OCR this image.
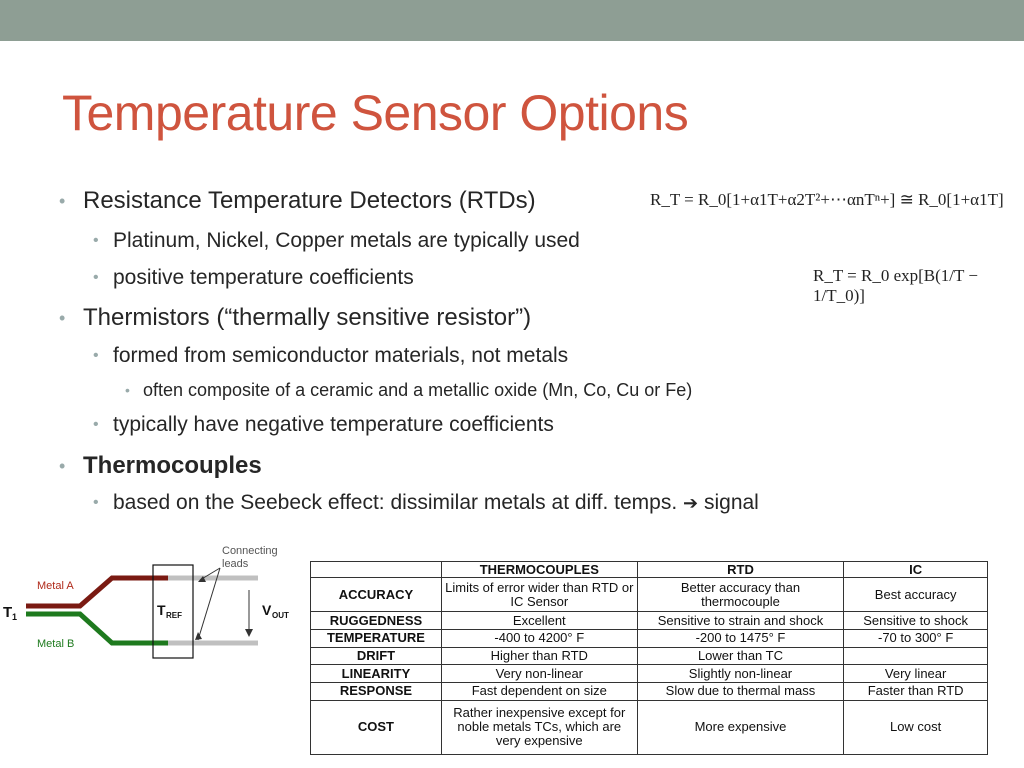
Temperature Sensor Options
• Resistance Temperature Detectors (RTDs)
• Platinum, Nickel, Copper metals are typically used
• positive temperature coefficients
• Thermistors (“thermally sensitive resistor”)
• formed from semiconductor materials, not metals
• often composite of a ceramic and a metallic oxide (Mn, Co, Cu or Fe)
• typically have negative temperature coefficients
• Thermocouples
• based on the Seebeck effect: dissimilar metals at diff. temps. ➔ signal
R_T = R_0[1+α1T+α2T²+⋯αnTⁿ+] ≅ R_0[1+α1T]
R_T = R_0 exp[B(1/T − 1/T_0)]
Connecting
leads
Metal A
Metal B
T 1	T REF	V OUT
	THERMOCOUPLES	RTD	IC
ACCURACY	Limits of error wider than RTD or IC Sensor	Better accuracy than thermocouple	Best accuracy
RUGGEDNESS	Excellent	Sensitive to strain and shock	Sensitive to shock
TEMPERATURE	-400 to 4200° F	-200 to 1475° F	-70 to 300° F
DRIFT	Higher than RTD	Lower than TC	
LINEARITY	Very non-linear	Slightly non-linear	Very linear
RESPONSE	Fast dependent on size	Slow due to thermal mass	Faster than RTD
COST	Rather inexpensive except for noble metals TCs, which are very expensive	More expensive	Low cost
